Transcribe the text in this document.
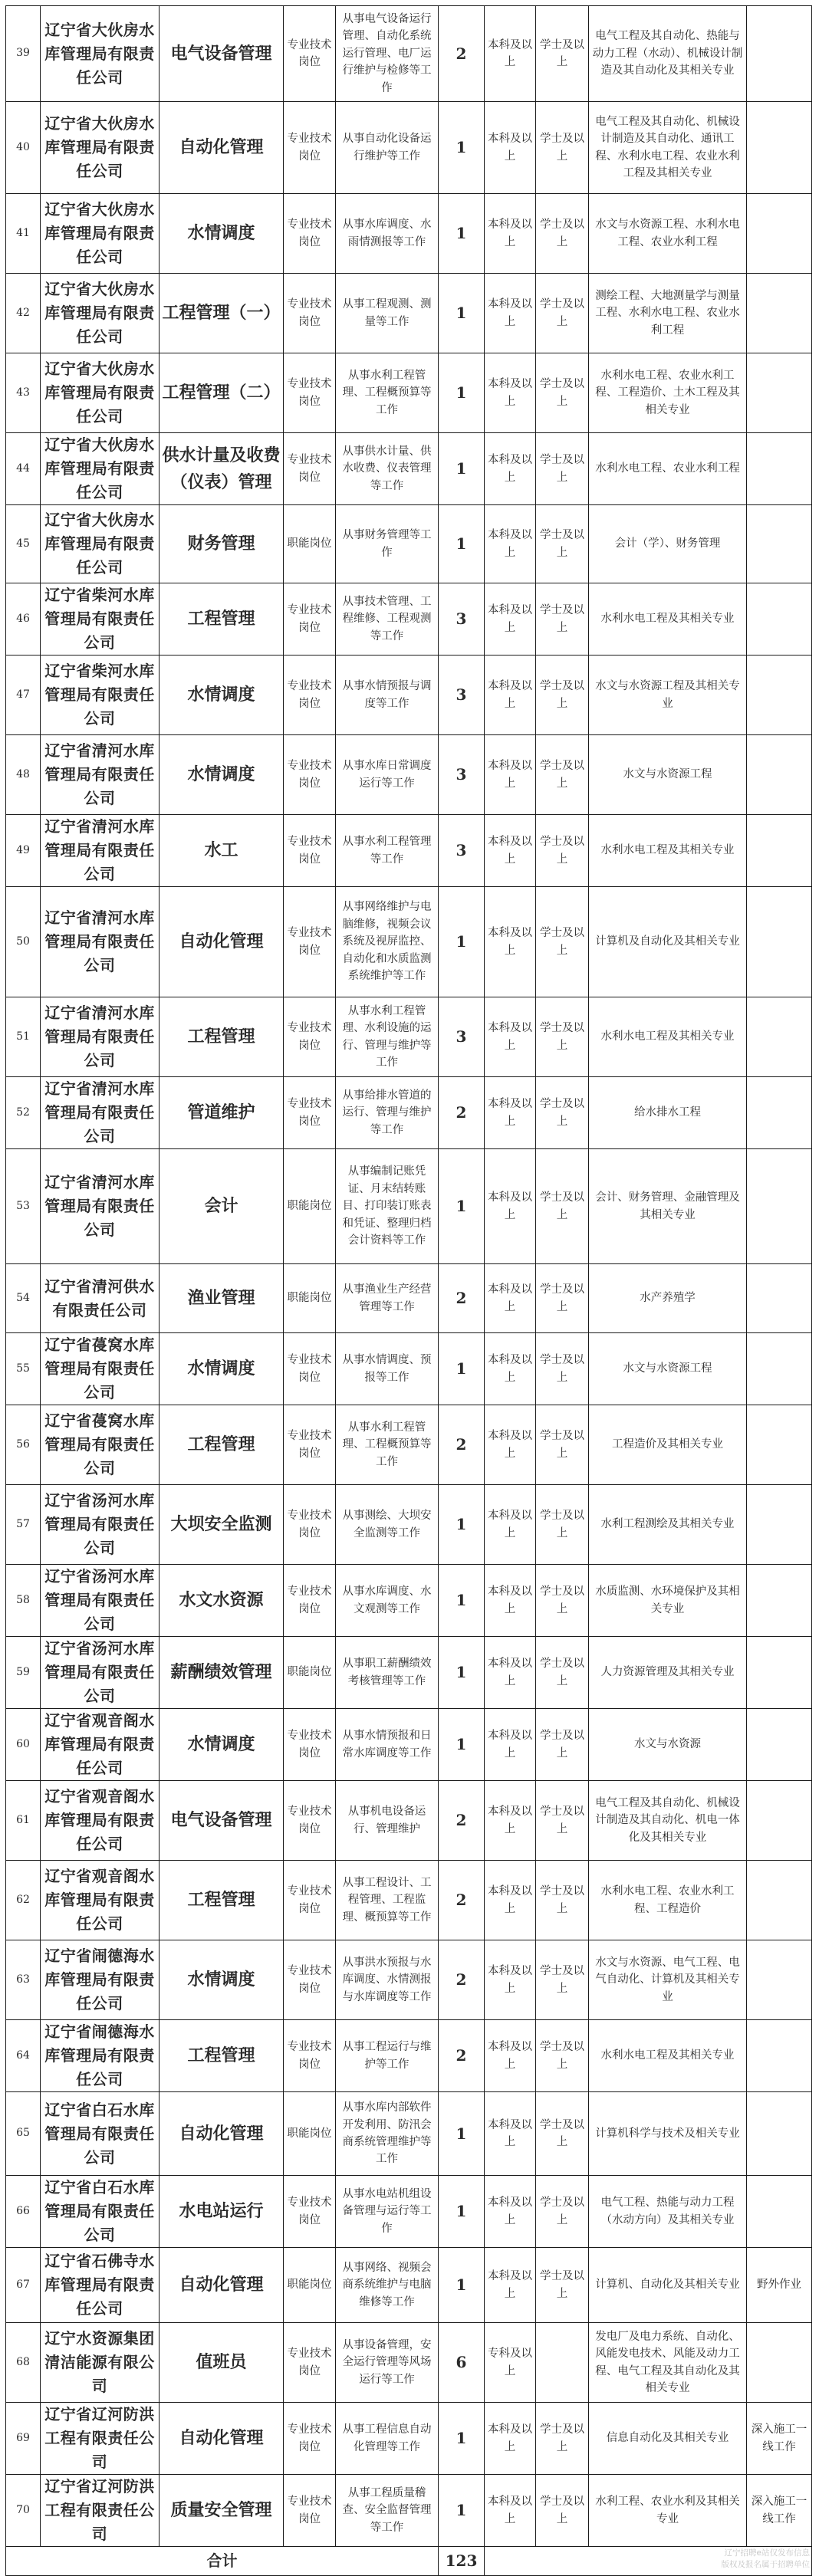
39	辽宁省大伙房水库管理局有限责任公司	电气设备管理	专业技术岗位	从事电气设备运行管理、自动化系统运行管理、电厂运行维护与检修等工作	2	本科及以上	学士及以上	电气工程及其自动化、热能与动力工程（水动）、机械设计制造及其自动化及其相关专业	
40	辽宁省大伙房水库管理局有限责任公司	自动化管理	专业技术岗位	从事自动化设备运行维护等工作	1	本科及以上	学士及以上	电气工程及其自动化、机械设计制造及其自动化、通讯工程、水利水电工程、农业水利工程及其相关专业	
41	辽宁省大伙房水库管理局有限责任公司	水情调度	专业技术岗位	从事水库调度、水雨情测报等工作	1	本科及以上	学士及以上	水文与水资源工程、水利水电工程、农业水利工程	
42	辽宁省大伙房水库管理局有限责任公司	工程管理（一）	专业技术岗位	从事工程观测、测量等工作	1	本科及以上	学士及以上	测绘工程、大地测量学与测量工程、水利水电工程、农业水利工程	
43	辽宁省大伙房水库管理局有限责任公司	工程管理（二）	专业技术岗位	从事水利工程管理、工程概预算等工作	1	本科及以上	学士及以上	水利水电工程、农业水利工程、工程造价、土木工程及其相关专业	
44	辽宁省大伙房水库管理局有限责任公司	供水计量及收费（仪表）管理	专业技术岗位	从事供水计量、供水收费、仪表管理等工作	1	本科及以上	学士及以上	水利水电工程、农业水利工程	
45	辽宁省大伙房水库管理局有限责任公司	财务管理	职能岗位	从事财务管理等工作	1	本科及以上	学士及以上	会计（学）、财务管理	
46	辽宁省柴河水库管理局有限责任公司	工程管理	专业技术岗位	从事技术管理、工程维修、工程观测等工作	3	本科及以上	学士及以上	水利水电工程及其相关专业	
47	辽宁省柴河水库管理局有限责任公司	水情调度	专业技术岗位	从事水情预报与调度等工作	3	本科及以上	学士及以上	水文与水资源工程及其相关专业	
48	辽宁省清河水库管理局有限责任公司	水情调度	专业技术岗位	从事水库日常调度运行等工作	3	本科及以上	学士及以上	水文与水资源工程	
49	辽宁省清河水库管理局有限责任公司	水工	专业技术岗位	从事水利工程管理等工作	3	本科及以上	学士及以上	水利水电工程及其相关专业	
50	辽宁省清河水库管理局有限责任公司	自动化管理	专业技术岗位	从事网络维护与电脑维修，视频会议系统及视屏监控、自动化和水质监测系统维护等工作	1	本科及以上	学士及以上	计算机及自动化及其相关专业	
51	辽宁省清河水库管理局有限责任公司	工程管理	专业技术岗位	从事水利工程管理、水利设施的运行、管理与维护等工作	3	本科及以上	学士及以上	水利水电工程及其相关专业	
52	辽宁省清河水库管理局有限责任公司	管道维护	专业技术岗位	从事给排水管道的运行、管理与维护等工作	2	本科及以上	学士及以上	给水排水工程	
53	辽宁省清河水库管理局有限责任公司	会计	职能岗位	从事编制记账凭证、月末结转账目、打印装订账表和凭证、整理归档会计资料等工作	1	本科及以上	学士及以上	会计、财务管理、金融管理及其相关专业	
54	辽宁省清河供水有限责任公司	渔业管理	职能岗位	从事渔业生产经营管理等工作	2	本科及以上	学士及以上	水产养殖学	
55	辽宁省葠窝水库管理局有限责任公司	水情调度	专业技术岗位	从事水情调度、预报等工作	1	本科及以上	学士及以上	水文与水资源工程	
56	辽宁省葠窝水库管理局有限责任公司	工程管理	专业技术岗位	从事水利工程管理、工程概预算等工作	2	本科及以上	学士及以上	工程造价及其相关专业	
57	辽宁省汤河水库管理局有限责任公司	大坝安全监测	专业技术岗位	从事测绘、大坝安全监测等工作	1	本科及以上	学士及以上	水利工程测绘及其相关专业	
58	辽宁省汤河水库管理局有限责任公司	水文水资源	专业技术岗位	从事水库调度、水文观测等工作	1	本科及以上	学士及以上	水质监测、水环境保护及其相关专业	
59	辽宁省汤河水库管理局有限责任公司	薪酬绩效管理	职能岗位	从事职工薪酬绩效考核管理等工作	1	本科及以上	学士及以上	人力资源管理及其相关专业	
60	辽宁省观音阁水库管理局有限责任公司	水情调度	专业技术岗位	从事水情预报和日常水库调度等工作	1	本科及以上	学士及以上	水文与水资源	
61	辽宁省观音阁水库管理局有限责任公司	电气设备管理	专业技术岗位	从事机电设备运行、管理维护	2	本科及以上	学士及以上	电气工程及其自动化、机械设计制造及其自动化、机电一体化及其相关专业	
62	辽宁省观音阁水库管理局有限责任公司	工程管理	专业技术岗位	从事工程设计、工程管理、工程监理、概预算等工作	2	本科及以上	学士及以上	水利水电工程、农业水利工程、工程造价	
63	辽宁省闹德海水库管理局有限责任公司	水情调度	专业技术岗位	从事洪水预报与水库调度、水情测报与水库调度等工作	2	本科及以上	学士及以上	水文与水资源、电气工程、电气自动化、计算机及其相关专业	
64	辽宁省闹德海水库管理局有限责任公司	工程管理	专业技术岗位	从事工程运行与维护等工作	2	本科及以上	学士及以上	水利水电工程及其相关专业	
65	辽宁省白石水库管理局有限责任公司	自动化管理	职能岗位	从事水库内部软件开发利用、防汛会商系统管理维护等工作	1	本科及以上	学士及以上	计算机科学与技术及相关专业	
66	辽宁省白石水库管理局有限责任公司	水电站运行	专业技术岗位	从事水电站机组设备管理与运行等工作	1	本科及以上	学士及以上	电气工程、热能与动力工程（水动方向）及其相关专业	
67	辽宁省石佛寺水库管理局有限责任公司	自动化管理	职能岗位	从事网络、视频会商系统维护与电脑维修等工作	1	本科及以上	学士及以上	计算机、自动化及其相关专业	野外作业
68	辽宁水资源集团清洁能源有限公司	值班员	专业技术岗位	从事设备管理，安全运行管理等风场运行等工作	6	专科及以上		发电厂及电力系统、自动化、风能发电技术、风能及动力工程、电气工程及其自动化及其相关专业	
69	辽宁省辽河防洪工程有限责任公司	自动化管理	专业技术岗位	从事工程信息自动化管理等工作	1	本科及以上	学士及以上	信息自动化及其相关专业	深入施工一线工作
70	辽宁省辽河防洪工程有限责任公司	质量安全管理	专业技术岗位	从事工程质量稽查、安全监督管理等工作	1	本科及以上	学士及以上	水利工程、农业水利及其相关专业	深入施工一线工作
合计					123	辽宁招聘e站仅发布信息
版权及报名属于招聘单位			
